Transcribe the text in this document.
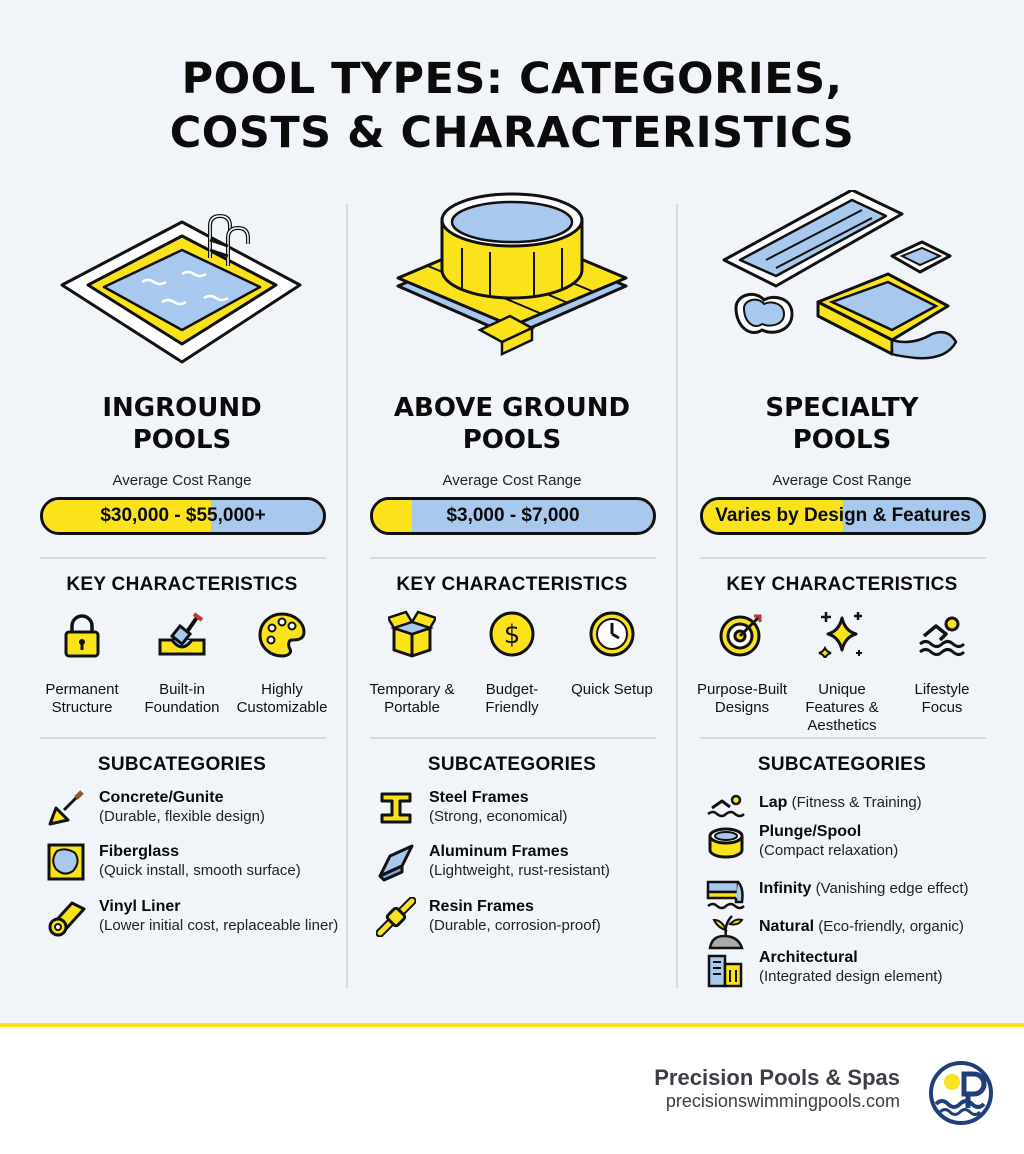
POOL TYPES: CATEGORIES,
COSTS & CHARACTERISTICS
INGROUND
POOLS
Average Cost Range
$30,000 - $55,000+
KEY CHARACTERISTICS
Permanent Structure
Built-in Foundation
Highly Customizable
SUBCATEGORIES
Concrete/Gunite
(Durable, flexible design)
Fiberglass
(Quick install, smooth surface)
Vinyl Liner
(Lower initial cost, replaceable liner)
ABOVE GROUND
POOLS
Average Cost Range
$3,000 - $7,000
KEY CHARACTERISTICS
Temporary & Portable
$
Budget-Friendly
Quick Setup
SUBCATEGORIES
Steel Frames
(Strong, economical)
Aluminum Frames
(Lightweight, rust-resistant)
Resin Frames
(Durable, corrosion-proof)
SPECIALTY
POOLS
Average Cost Range
Varies by Design & Features
KEY CHARACTERISTICS
Purpose-Built Designs
Unique Features & Aesthetics
Lifestyle Focus
SUBCATEGORIES
Lap (Fitness & Training)
Plunge/Spool
(Compact relaxation)
Infinity (Vanishing edge effect)
Natural (Eco-friendly, organic)
Architectural
(Integrated design element)
Precision Pools & Spas
precisionswimmingpools.com
